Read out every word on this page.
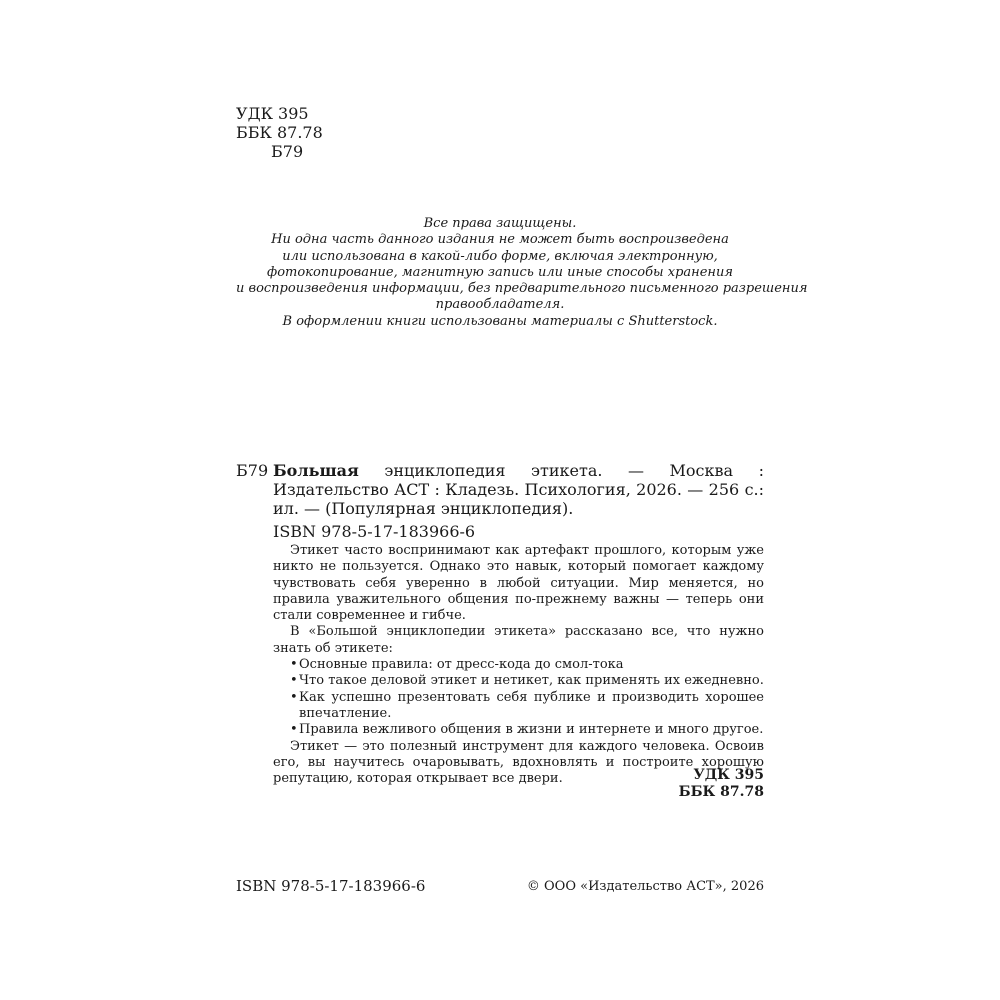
УДК 395
ББК 87.78
Б79
Все права защищены.
Ни одна часть данного издания не может быть воспроизведена
или использована в какой-либо форме, включая электронную,
фотокопирование, магнитную запись или иные способы хранения
и воспроизведения информации, без предварительного письменного разрешения
правообладателя.
В оформлении книги использованы материалы с Shutterstock.
Б79 Большая энциклопедия этикета. — Москва : Издательство АСТ : Кладезь. Психология, 2026. — 256 с.: ил. — (Популярная энциклопедия).
ISBN 978-5-17-183966-6

Этикет часто воспринимают как артефакт прошлого, которым уже никто не пользуется. Однако это навык, который помогает каждому чувствовать себя уверенно в любой ситуации. Мир меняется, но правила уважительного общения по-прежнему важны — теперь они стали современнее и гибче.

В «Большой энциклопедии этикета» рассказано все, что нужно знать об этикете:

• Основные правила: от дресс-кода до смол-тока
• Что такое деловой этикет и нетикет, как применять их ежедневно.
• Как успешно презентовать себя публике и производить хорошее впечатление.
• Правила вежливого общения в жизни и интернете и много другое.

Этикет — это полезный инструмент для каждого человека. Освоив его, вы научитесь очаровывать, вдохновлять и построите хорошую репутацию, которая открывает все двери.	УДК 395
ББК 87.78
ISBN 978-5-17-183966-6	© ООО «Издательство АСТ», 2026
